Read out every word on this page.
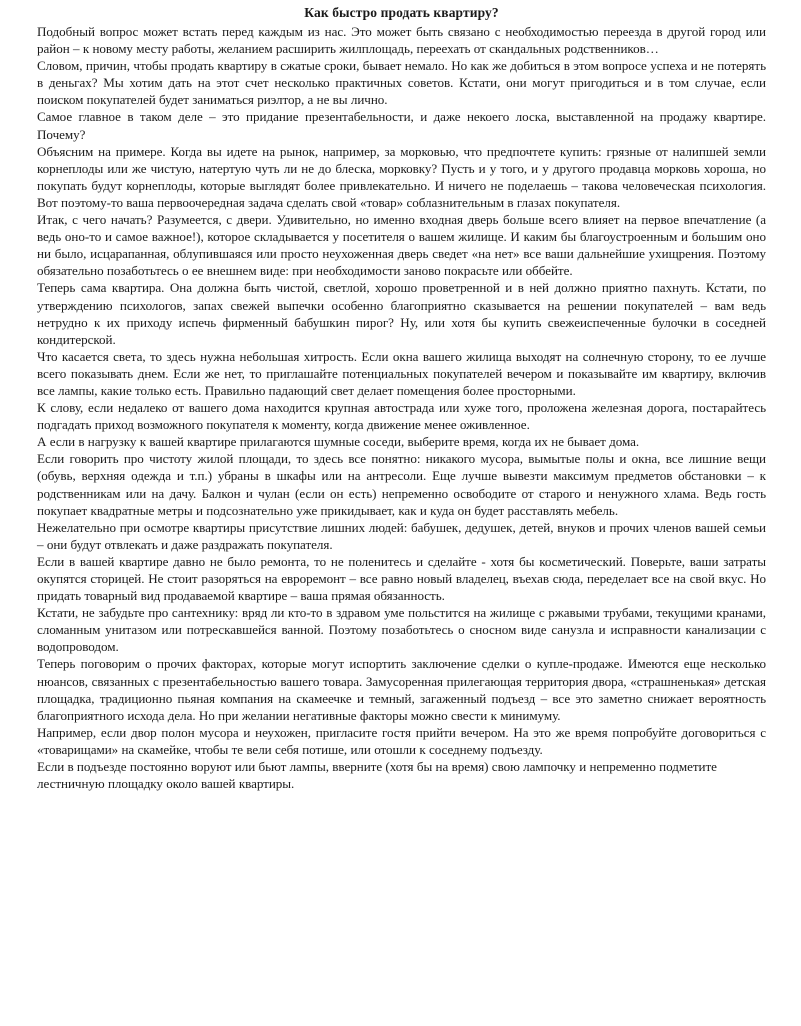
Как быстро продать квартиру?

Подобный вопрос может встать перед каждым из нас. Это может быть связано с необходимостью переезда в другой город или район – к новому месту работы, желанием расширить жилплощадь, переехать от скандальных родственников…

Словом, причин, чтобы продать квартиру в сжатые сроки, бывает немало. Но как же добиться в этом вопросе успеха и не потерять в деньгах? Мы хотим дать на этот счет несколько практичных советов. Кстати, они могут пригодиться и в том случае, если поиском покупателей будет заниматься риэлтор, а не вы лично.

Самое главное в таком деле – это придание презентабельности, и даже некоего лоска, выставленной на продажу квартире. Почему?

Объясним на примере. Когда вы идете на рынок, например, за морковью, что предпочтете купить: грязные от налипшей земли корнеплоды или же чистую, натертую чуть ли не до блеска, морковку? Пусть и у того, и у другого продавца морковь хороша, но покупать будут корнеплоды, которые выглядят более привлекательно. И ничего не поделаешь – такова человеческая психология. Вот поэтому-то ваша первоочередная задача сделать свой «товар» соблазнительным в глазах покупателя.

Итак, с чего начать? Разумеется, с двери. Удивительно, но именно входная дверь больше всего влияет на первое впечатление (а ведь оно-то и самое важное!), которое складывается у посетителя о вашем жилище. И каким бы благоустроенным и большим оно ни было, исцарапанная, облупившаяся или просто неухоженная дверь сведет «на нет» все ваши дальнейшие ухищрения. Поэтому обязательно позаботьтесь о ее внешнем виде: при необходимости заново покрасьте или оббейте.

Теперь сама квартира. Она должна быть чистой, светлой, хорошо проветренной и в ней должно приятно пахнуть. Кстати, по утверждению психологов, запах свежей выпечки особенно благоприятно сказывается на решении покупателей – вам ведь нетрудно к их приходу испечь фирменный бабушкин пирог? Ну, или хотя бы купить свежеиспеченные булочки в соседней кондитерской.

Что касается света, то здесь нужна небольшая хитрость. Если окна вашего жилища выходят на солнечную сторону, то ее лучше всего показывать днем. Если же нет, то приглашайте потенциальных покупателей вечером и показывайте им квартиру, включив все лампы, какие только есть. Правильно падающий свет делает помещения более просторными.

К слову, если недалеко от вашего дома находится крупная автострада или хуже того, проложена железная дорога, постарайтесь подгадать приход возможного покупателя к моменту, когда движение менее оживленное.

А если в нагрузку к вашей квартире прилагаются шумные соседи, выберите время, когда их не бывает дома.

Если говорить про чистоту жилой площади, то здесь все понятно: никакого мусора, вымытые полы и окна, все лишние вещи (обувь, верхняя одежда и т.п.) убраны в шкафы или на антресоли. Еще лучше вывезти максимум предметов обстановки – к родственникам или на дачу. Балкон и чулан (если он есть) непременно освободите от старого и ненужного хлама. Ведь гость покупает квадратные метры и подсознательно уже прикидывает, как и куда он будет расставлять мебель.

Нежелательно при осмотре квартиры присутствие лишних людей: бабушек, дедушек, детей, внуков и прочих членов вашей семьи – они будут отвлекать и даже раздражать покупателя.

Если в вашей квартире давно не было ремонта, то не поленитесь и сделайте - хотя бы косметический. Поверьте, ваши затраты окупятся сторицей. Не стоит разоряться на евроремонт – все равно новый владелец, въехав сюда, переделает все на свой вкус. Но придать товарный вид продаваемой квартире – ваша прямая обязанность.

Кстати, не забудьте про сантехнику: вряд ли кто-то в здравом уме польстится на жилище с ржавыми трубами, текущими кранами, сломанным унитазом или потрескавшейся ванной. Поэтому позаботьтесь о сносном виде санузла и исправности канализации с водопроводом.

Теперь поговорим о прочих факторах, которые могут испортить заключение сделки о купле-продаже. Имеются еще несколько нюансов, связанных с презентабельностью вашего товара. Замусоренная прилегающая территория двора, «страшненькая» детская площадка, традиционно пьяная компания на скамеечке и темный, загаженный подъезд – все это заметно снижает вероятность благоприятного исхода дела. Но при желании негативные факторы можно свести к минимуму.

Например, если двор полон мусора и неухожен, пригласите гостя прийти вечером. На это же время попробуйте договориться с «товарищами» на скамейке, чтобы те вели себя потише, или отошли к соседнему подъезду.

Если в подъезде постоянно воруют или бьют лампы, вверните (хотя бы на время) свою лампочку и непременно подметите лестничную площадку около вашей квартиры.
